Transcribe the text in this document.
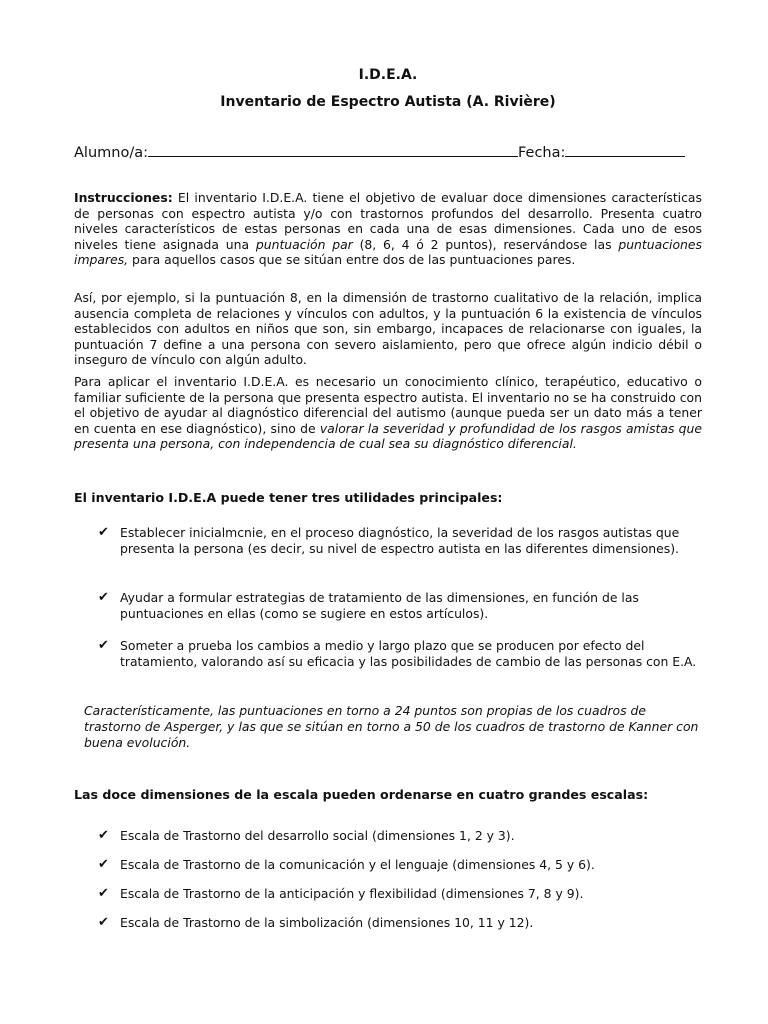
I.D.E.A.
Inventario de Espectro Autista (A. Rivière)
Alumno/a:	Fecha:

Instrucciones: El inventario I.D.E.A. tiene el objetivo de evaluar doce dimensiones características de personas con espectro autista y/o con trastornos profundos del desarrollo. Presenta cuatro niveles característicos de estas personas en cada una de esas dimensiones. Cada uno de esos niveles tiene asignada una puntuación par (8, 6, 4 ó 2 puntos), reservándose las puntuaciones impares, para aquellos casos que se sitúan entre dos de las puntuaciones pares.

Así, por ejemplo, si la puntuación 8, en la dimensión de trastorno cualitativo de la relación, implica ausencia completa de relaciones y vínculos con adultos, y la puntuación 6 la existencia de vínculos establecidos con adultos en niños que son, sin embargo, incapaces de relacionarse con iguales, la puntuación 7 define a una persona con severo aislamiento, pero que ofrece algún indicio débil o inseguro de vínculo con algún adulto.

Para aplicar el inventario I.D.E.A. es necesario un conocimiento clínico, terapéutico, educativo o familiar suficiente de la persona que presenta espectro autista. El inventario no se ha construido con el objetivo de ayudar al diagnóstico diferencial del autismo (aunque pueda ser un dato más a tener en cuenta en ese diagnóstico), sino de valorar la severidad y profundidad de los rasgos amistas que presenta una persona, con independencia de cual sea su diagnóstico diferencial.

El inventario I.D.E.A puede tener tres utilidades principales:
✔ Establecer inicialmcnie, en el proceso diagnóstico, la severidad de los rasgos autistas que presenta la persona (es decir, su nivel de espectro autista en las diferentes dimensiones).
✔ Ayudar a formular estrategias de tratamiento de las dimensiones, en función de las puntuaciones en ellas (como se sugiere en estos artículos).
✔ Someter a prueba los cambios a medio y largo plazo que se producen por efecto del tratamiento, valorando así su eficacia y las posibilidades de cambio de las personas con E.A.
Característicamente, las puntuaciones en torno a 24 puntos son propias de los cuadros de trastorno de Asperger, y las que se sitúan en torno a 50 de los cuadros de trastorno de Kanner con buena evolución.
Las doce dimensiones de la escala pueden ordenarse en cuatro grandes escalas:
✔ Escala de Trastorno del desarrollo social (dimensiones 1, 2 y 3).
✔ Escala de Trastorno de la comunicación y el lenguaje (dimensiones 4, 5 y 6).
✔ Escala de Trastorno de la anticipación y flexibilidad (dimensiones 7, 8 y 9).
✔ Escala de Trastorno de la simbolización (dimensiones 10, 11 y 12).
